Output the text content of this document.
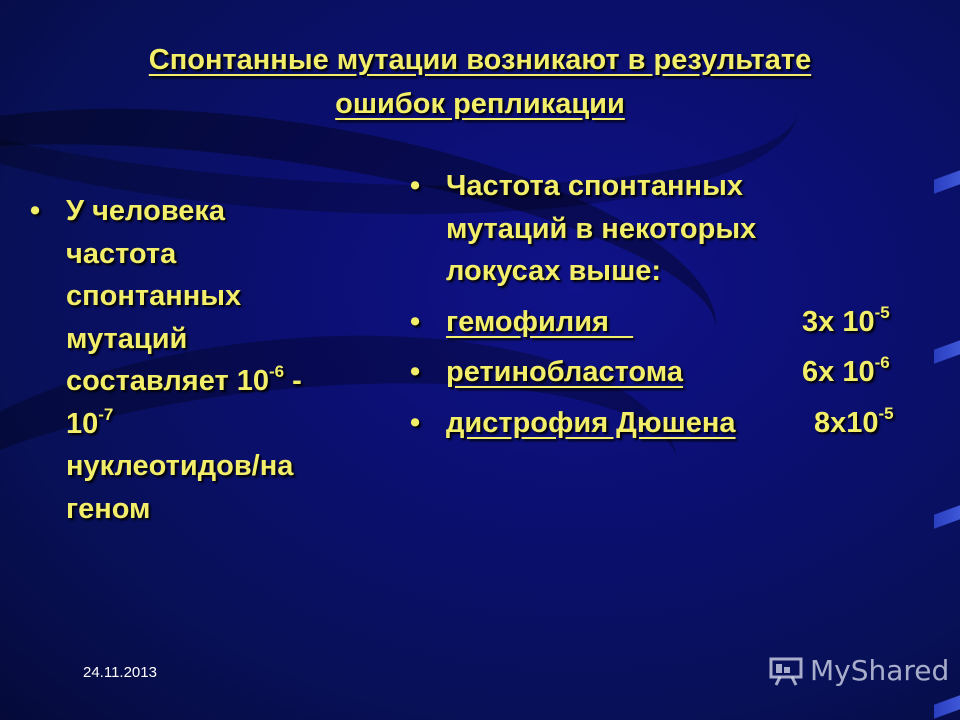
Спонтанные мутации возникают в результате
ошибок репликации
• У человека
частота
спонтанных
мутаций
составляет $10^{-6}$ -
$10^{-7}$
нуклеотидов/на
геном
• Частота спонтанных
мутаций в некоторых
локусах выше:
• гемофилия	3х $10^{-5}$
• ретинобластома	6х $10^{-6}$
• дистрофия Дюшена	$8х10^{-5}$
24.11.2013	MyShared
